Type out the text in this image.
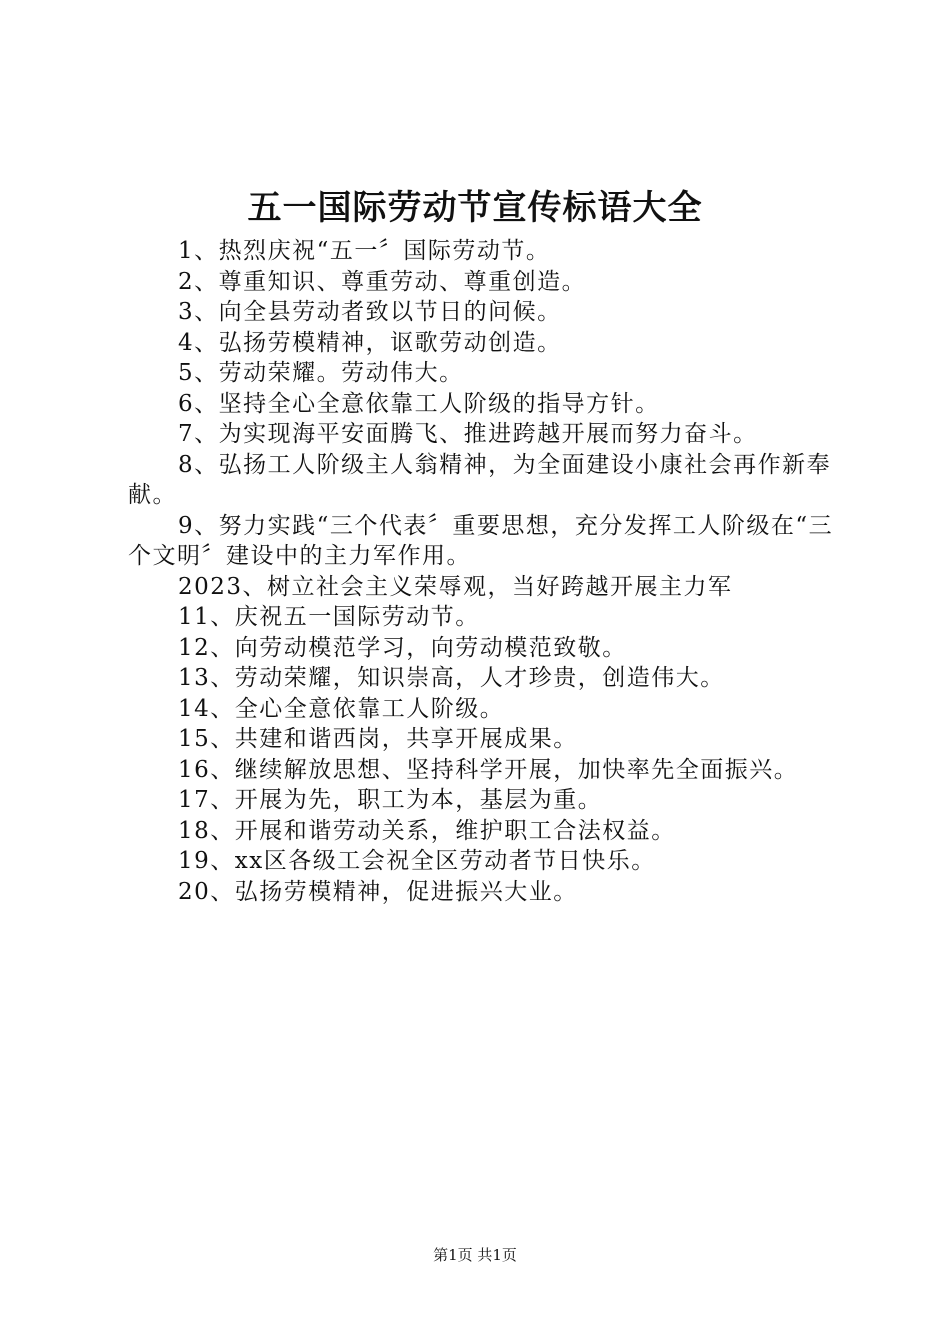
五一国际劳动节宣传标语大全

1、热烈庆祝“五一〞国际劳动节。

2、尊重知识、尊重劳动、尊重创造。

3、向全县劳动者致以节日的问候。

4、弘扬劳模精神，讴歌劳动创造。

5、劳动荣耀。劳动伟大。

6、坚持全心全意依靠工人阶级的指导方针。

7、为实现海平安面腾飞、推进跨越开展而努力奋斗。

8、弘扬工人阶级主人翁精神，为全面建设小康社会再作新奉献。

9、努力实践“三个代表〞重要思想，充分发挥工人阶级在“三个文明〞建设中的主力军作用。

2023、树立社会主义荣辱观，当好跨越开展主力军

11、庆祝五一国际劳动节。

12、向劳动模范学习，向劳动模范致敬。

13、劳动荣耀，知识崇高，人才珍贵，创造伟大。

14、全心全意依靠工人阶级。

15、共建和谐西岗，共享开展成果。

16、继续解放思想、坚持科学开展，加快率先全面振兴。

17、开展为先，职工为本，基层为重。

18、开展和谐劳动关系，维护职工合法权益。

19、xx区各级工会祝全区劳动者节日快乐。

20、弘扬劳模精神，促进振兴大业。

第1页 共1页
